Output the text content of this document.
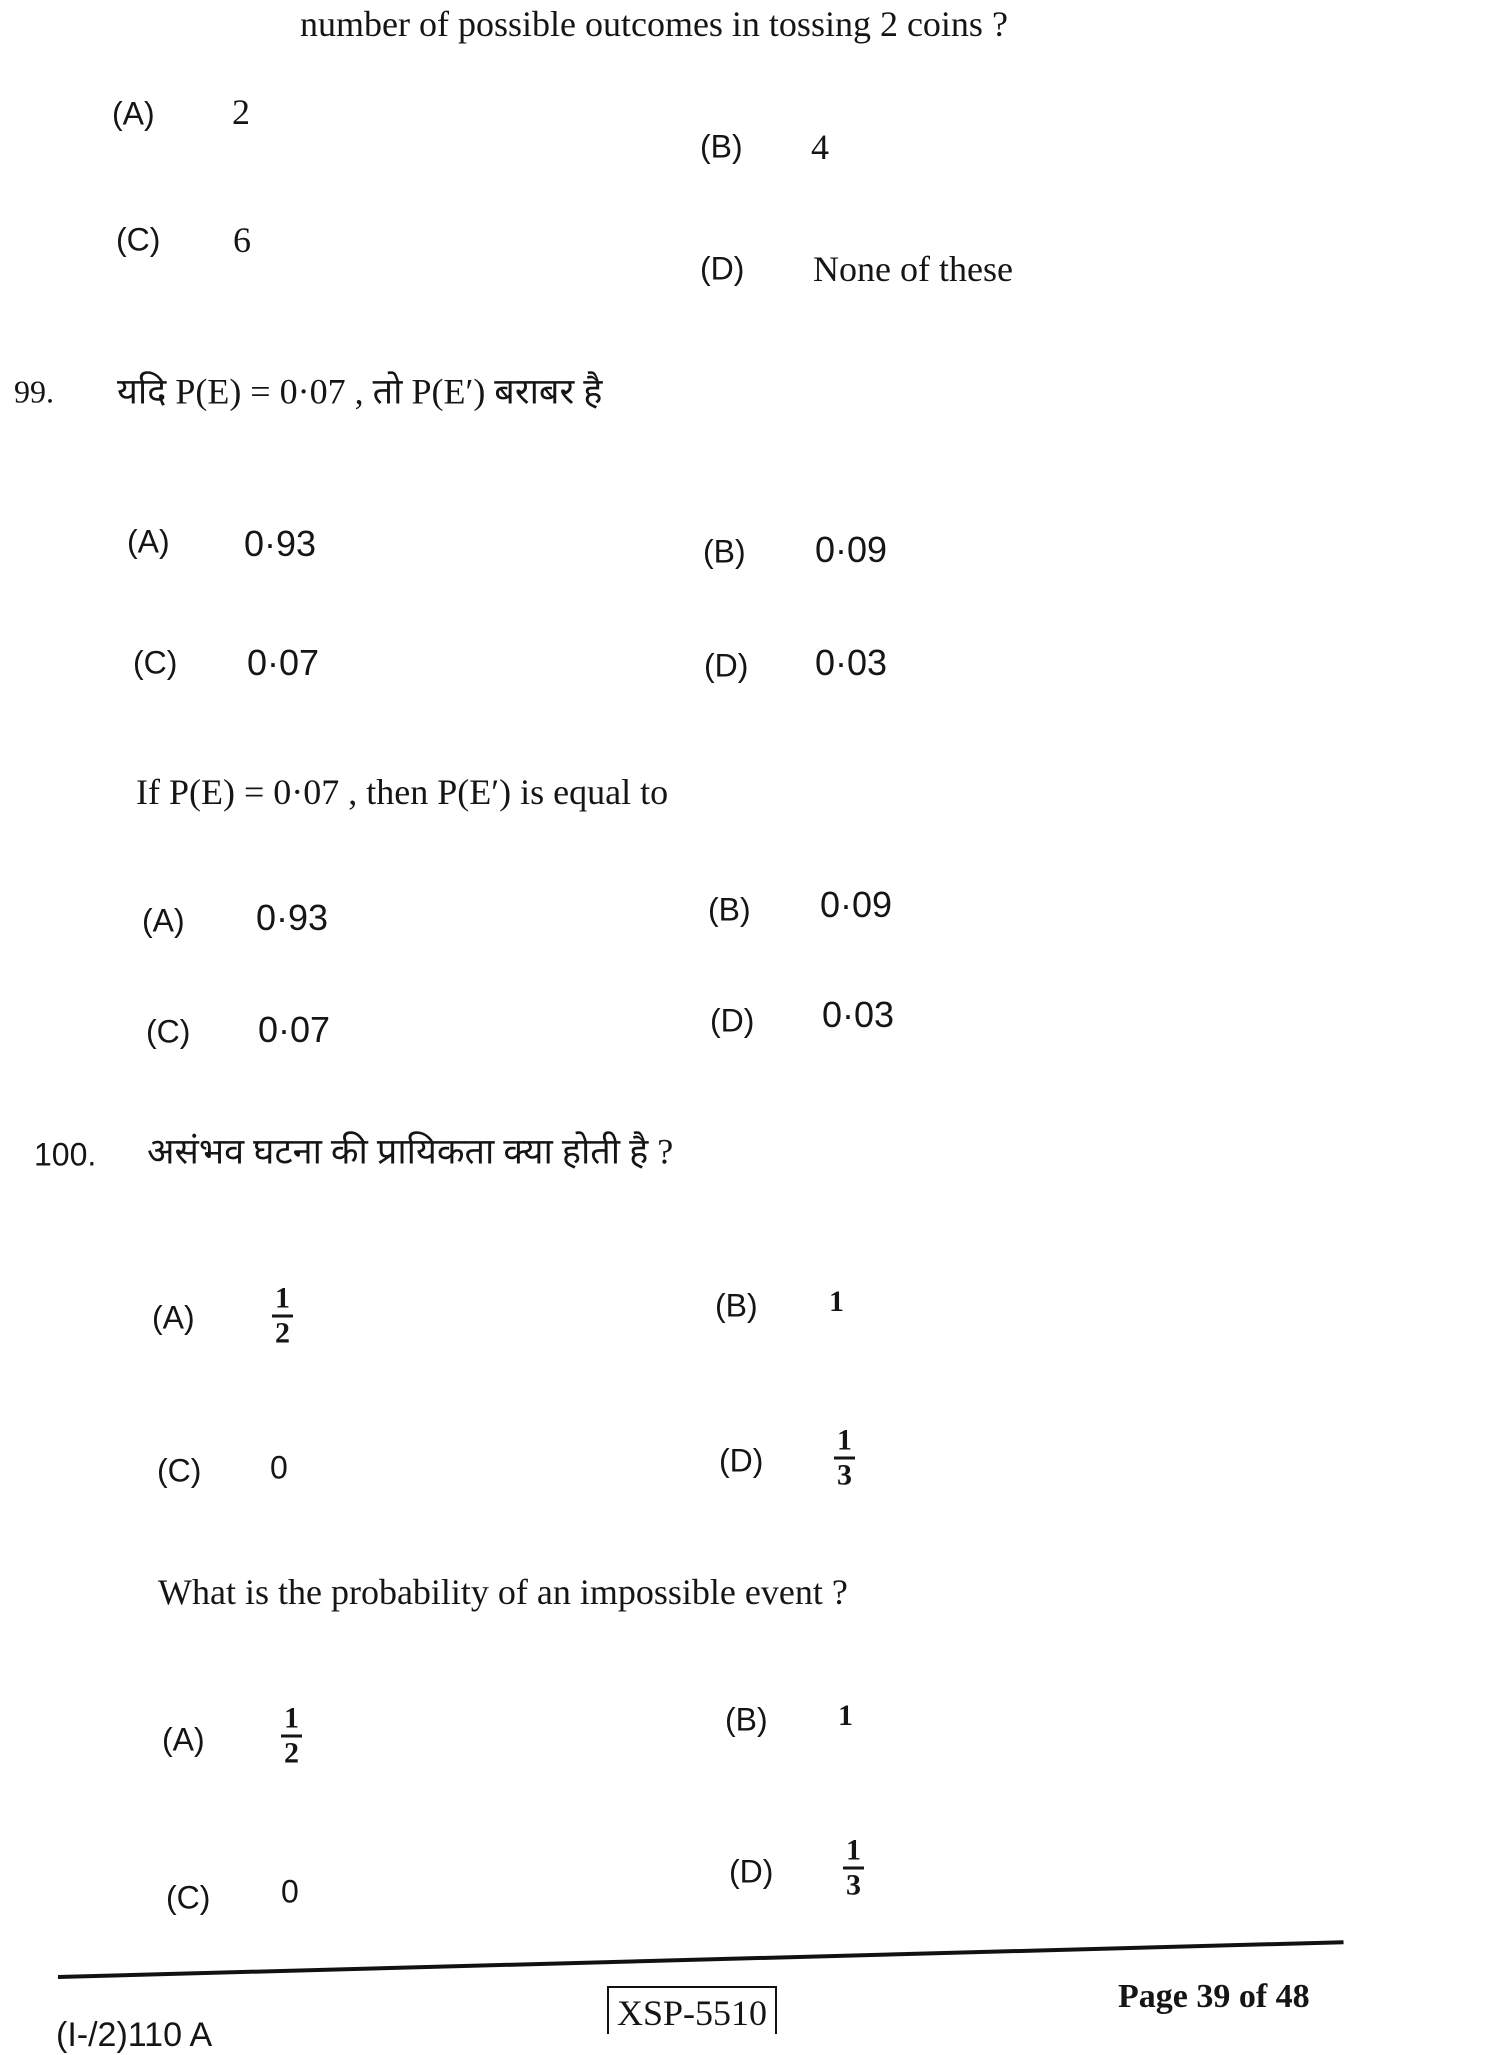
number of possible outcomes in tossing 2 coins ?
(A) 2
(B) 4
(C) 6
(D) None of these
99. यदि P(E) = 0·07 , तो P(E′) बराबर है
(A) 0·93	(B) 0·09
(C) 0·07	(D) 0·03
If P(E) = 0·07 , then P(E′) is equal to
(A) 0·93	(B) 0·09
(C) 0·07	(D) 0·03
100. असंभव घटना की प्रायिकता क्या होती है ?
(A)	$\frac{1}{2}$	(B) 1
(C) 0	$(D) \frac{1}{3}$
What is the probability of an impossible event ?
(A)	$\frac{1}{2}$	(B) 1
(C) 0
$(D) \frac{1}{3}$
XSP-5510	Page 39 of 48
(I-/2)110 A
